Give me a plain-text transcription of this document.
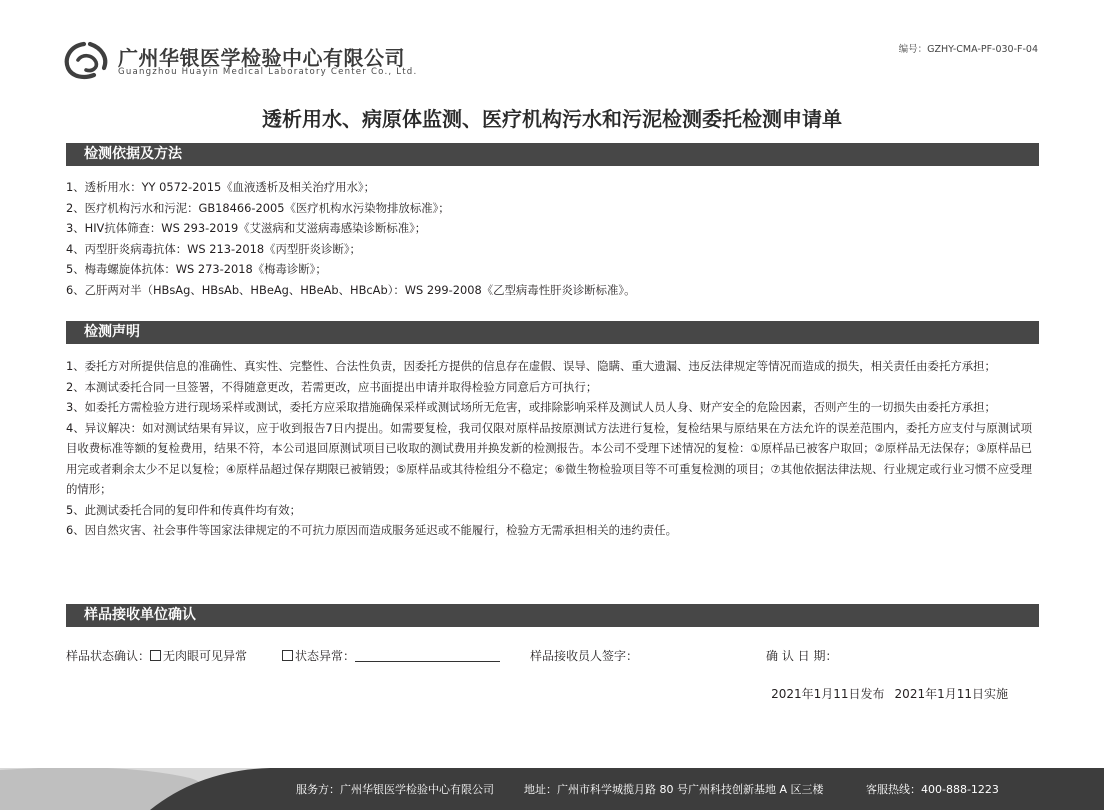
广州华银医学检验中心有限公司
Guangzhou Huayin Medical Laboratory Center Co., Ltd.
编号：GZHY-CMA-PF-030-F-04
透析用水、病原体监测、医疗机构污水和污泥检测委托检测申请单
检测依据及方法

1、透析用水：YY 0572-2015《血液透析及相关治疗用水》；

2、医疗机构污水和污泥：GB18466-2005《医疗机构水污染物排放标准》；

3、HIV抗体筛查：WS 293-2019《艾滋病和艾滋病毒感染诊断标准》；

4、丙型肝炎病毒抗体：WS 213-2018《丙型肝炎诊断》；

5、梅毒螺旋体抗体：WS 273-2018《梅毒诊断》；

6、乙肝两对半（HBsAg、HBsAb、HBeAg、HBeAb、HBcAb）：WS 299-2008《乙型病毒性肝炎诊断标准》。

检测声明

1、委托方对所提供信息的准确性、真实性、完整性、合法性负责，因委托方提供的信息存在虚假、误导、隐瞒、重大遗漏、违反法律规定等情况而造成的损失，相关责任由委托方承担；

2、本测试委托合同一旦签署，不得随意更改，若需更改，应书面提出申请并取得检验方同意后方可执行；

3、如委托方需检验方进行现场采样或测试，委托方应采取措施确保采样或测试场所无危害，或排除影响采样及测试人员人身、财产安全的危险因素，否则产生的一切损失由委托方承担；

4、异议解决：如对测试结果有异议，应于收到报告7日内提出。如需要复检，我司仅限对原样品按原测试方法进行复检，复检结果与原结果在方法允许的误差范围内，委托方应支付与原测试项目收费标准等额的复检费用，结果不符，本公司退回原测试项目已收取的测试费用并换发新的检测报告。本公司不受理下述情况的复检：①原样品已被客户取回；②原样品无法保存；③原样品已用完或者剩余太少不足以复检；④原样品超过保存期限已被销毁；⑤原样品或其待检组分不稳定；⑥微生物检验项目等不可重复检测的项目；⑦其他依据法律法规、行业规定或行业习惯不应受理的情形；

5、此测试委托合同的复印件和传真件均有效；

6、因自然灾害、社会事件等国家法律规定的不可抗力原因而造成服务延迟或不能履行，检验方无需承担相关的违约责任。

样品接收单位确认
样品状态确认： 无肉眼可见异常	状态异常：	样品接收员人签字：	确 认 日 期：
2021年1月11日发布 2021年1月11日实施
服务方：广州华银医学检验中心有限公司	地址：广州市科学城揽月路 80 号广州科技创新基地 A 区三楼	客服热线：400-888-1223
